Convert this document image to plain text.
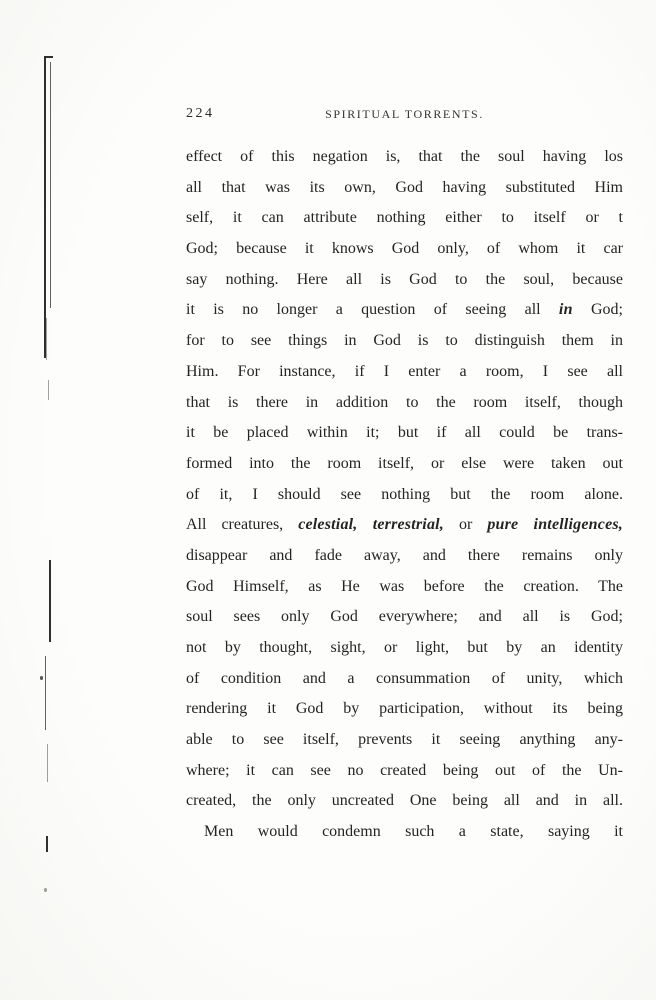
224	SPIRITUAL TORRENTS.
effect of this negation is, that the soul having los
all that was its own, God having substituted Him
self, it can attribute nothing either to itself or t
God; because it knows God only, of whom it car
say nothing. Here all is God to the soul, because
it is no longer a question of seeing all in God;
for to see things in God is to distinguish them in
Him. For instance, if I enter a room, I see all
that is there in addition to the room itself, though
it be placed within it; but if all could be trans-
formed into the room itself, or else were taken out
of it, I should see nothing but the room alone.
All creatures, celestial, terrestrial, or pure intelligences,
disappear and fade away, and there remains only
God Himself, as He was before the creation. The
soul sees only God everywhere; and all is God;
not by thought, sight, or light, but by an identity
of condition and a consummation of unity, which
rendering it God by participation, without its being
able to see itself, prevents it seeing anything any-
where; it can see no created being out of the Un-
created, the only uncreated One being all and in all.
Men would condemn such a state, saying it
